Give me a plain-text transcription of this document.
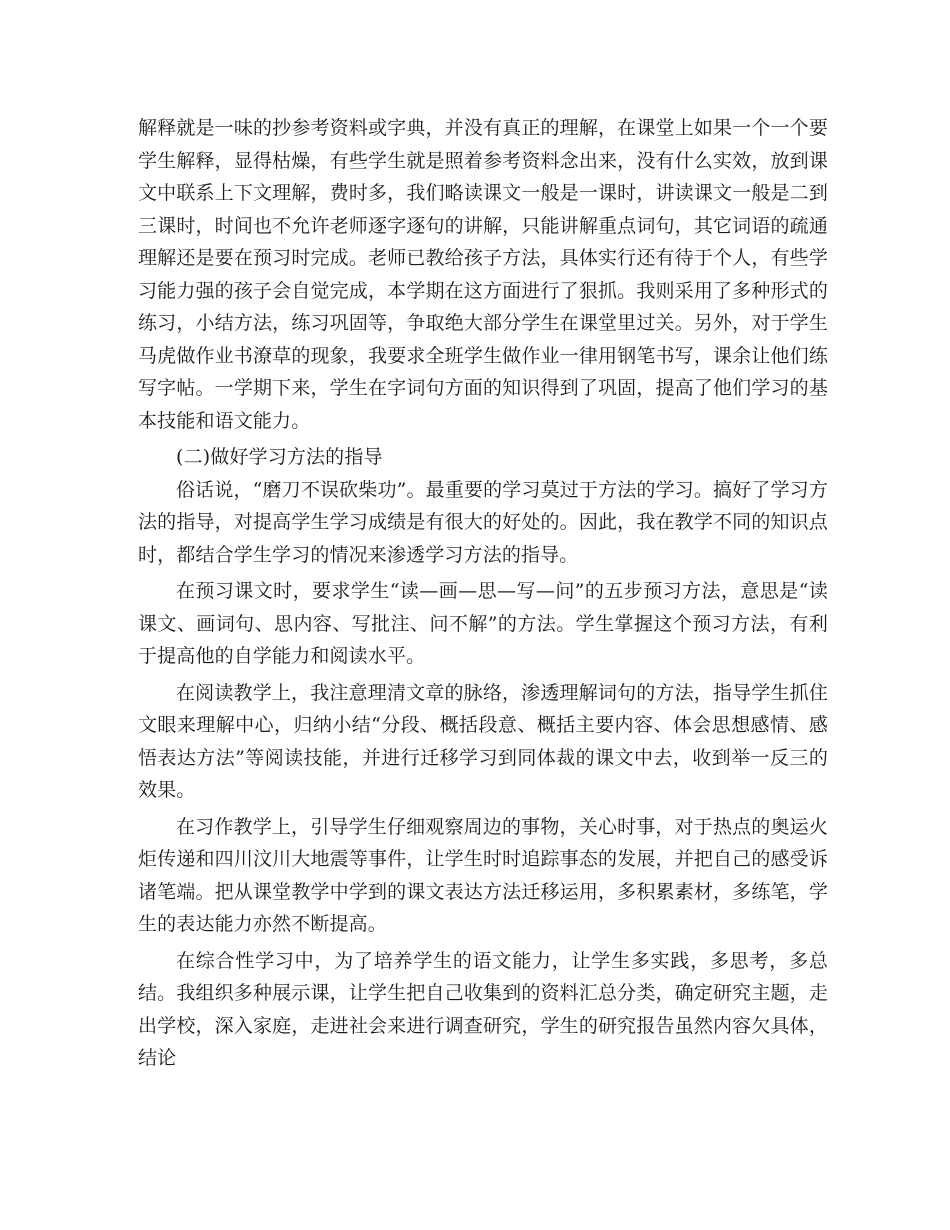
解释就是一味的抄参考资料或字典，并没有真正的理解，在课堂上如果一个一个要学生解释，显得枯燥，有些学生就是照着参考资料念出来，没有什么实效，放到课文中联系上下文理解，费时多，我们略读课文一般是一课时，讲读课文一般是二到三课时，时间也不允许老师逐字逐句的讲解，只能讲解重点词句，其它词语的疏通理解还是要在预习时完成。老师已教给孩子方法，具体实行还有待于个人，有些学习能力强的孩子会自觉完成，本学期在这方面进行了狠抓。我则采用了多种形式的练习，小结方法，练习巩固等，争取绝大部分学生在课堂里过关。另外，对于学生马虎做作业书潦草的现象，我要求全班学生做作业一律用钢笔书写，课余让他们练写字帖。一学期下来，学生在字词句方面的知识得到了巩固，提高了他们学习的基本技能和语文能力。

(二)做好学习方法的指导

俗话说，“磨刀不误砍柴功”。最重要的学习莫过于方法的学习。搞好了学习方法的指导，对提高学生学习成绩是有很大的好处的。因此，我在教学不同的知识点时，都结合学生学习的情况来渗透学习方法的指导。

在预习课文时，要求学生“读—画—思—写—问”的五步预习方法，意思是“读课文、画词句、思内容、写批注、问不解”的方法。学生掌握这个预习方法，有利于提高他的自学能力和阅读水平。

在阅读教学上，我注意理清文章的脉络，渗透理解词句的方法，指导学生抓住文眼来理解中心，归纳小结“分段、概括段意、概括主要内容、体会思想感情、感悟表达方法”等阅读技能，并进行迁移学习到同体裁的课文中去，收到举一反三的效果。

在习作教学上，引导学生仔细观察周边的事物，关心时事，对于热点的奥运火炬传递和四川汶川大地震等事件，让学生时时追踪事态的发展，并把自己的感受诉诸笔端。把从课堂教学中学到的课文表达方法迁移运用，多积累素材，多练笔，学生的表达能力亦然不断提高。

在综合性学习中，为了培养学生的语文能力，让学生多实践，多思考，多总结。我组织多种展示课，让学生把自己收集到的资料汇总分类，确定研究主题，走出学校，深入家庭，走进社会来进行调查研究，学生的研究报告虽然内容欠具体，结论
